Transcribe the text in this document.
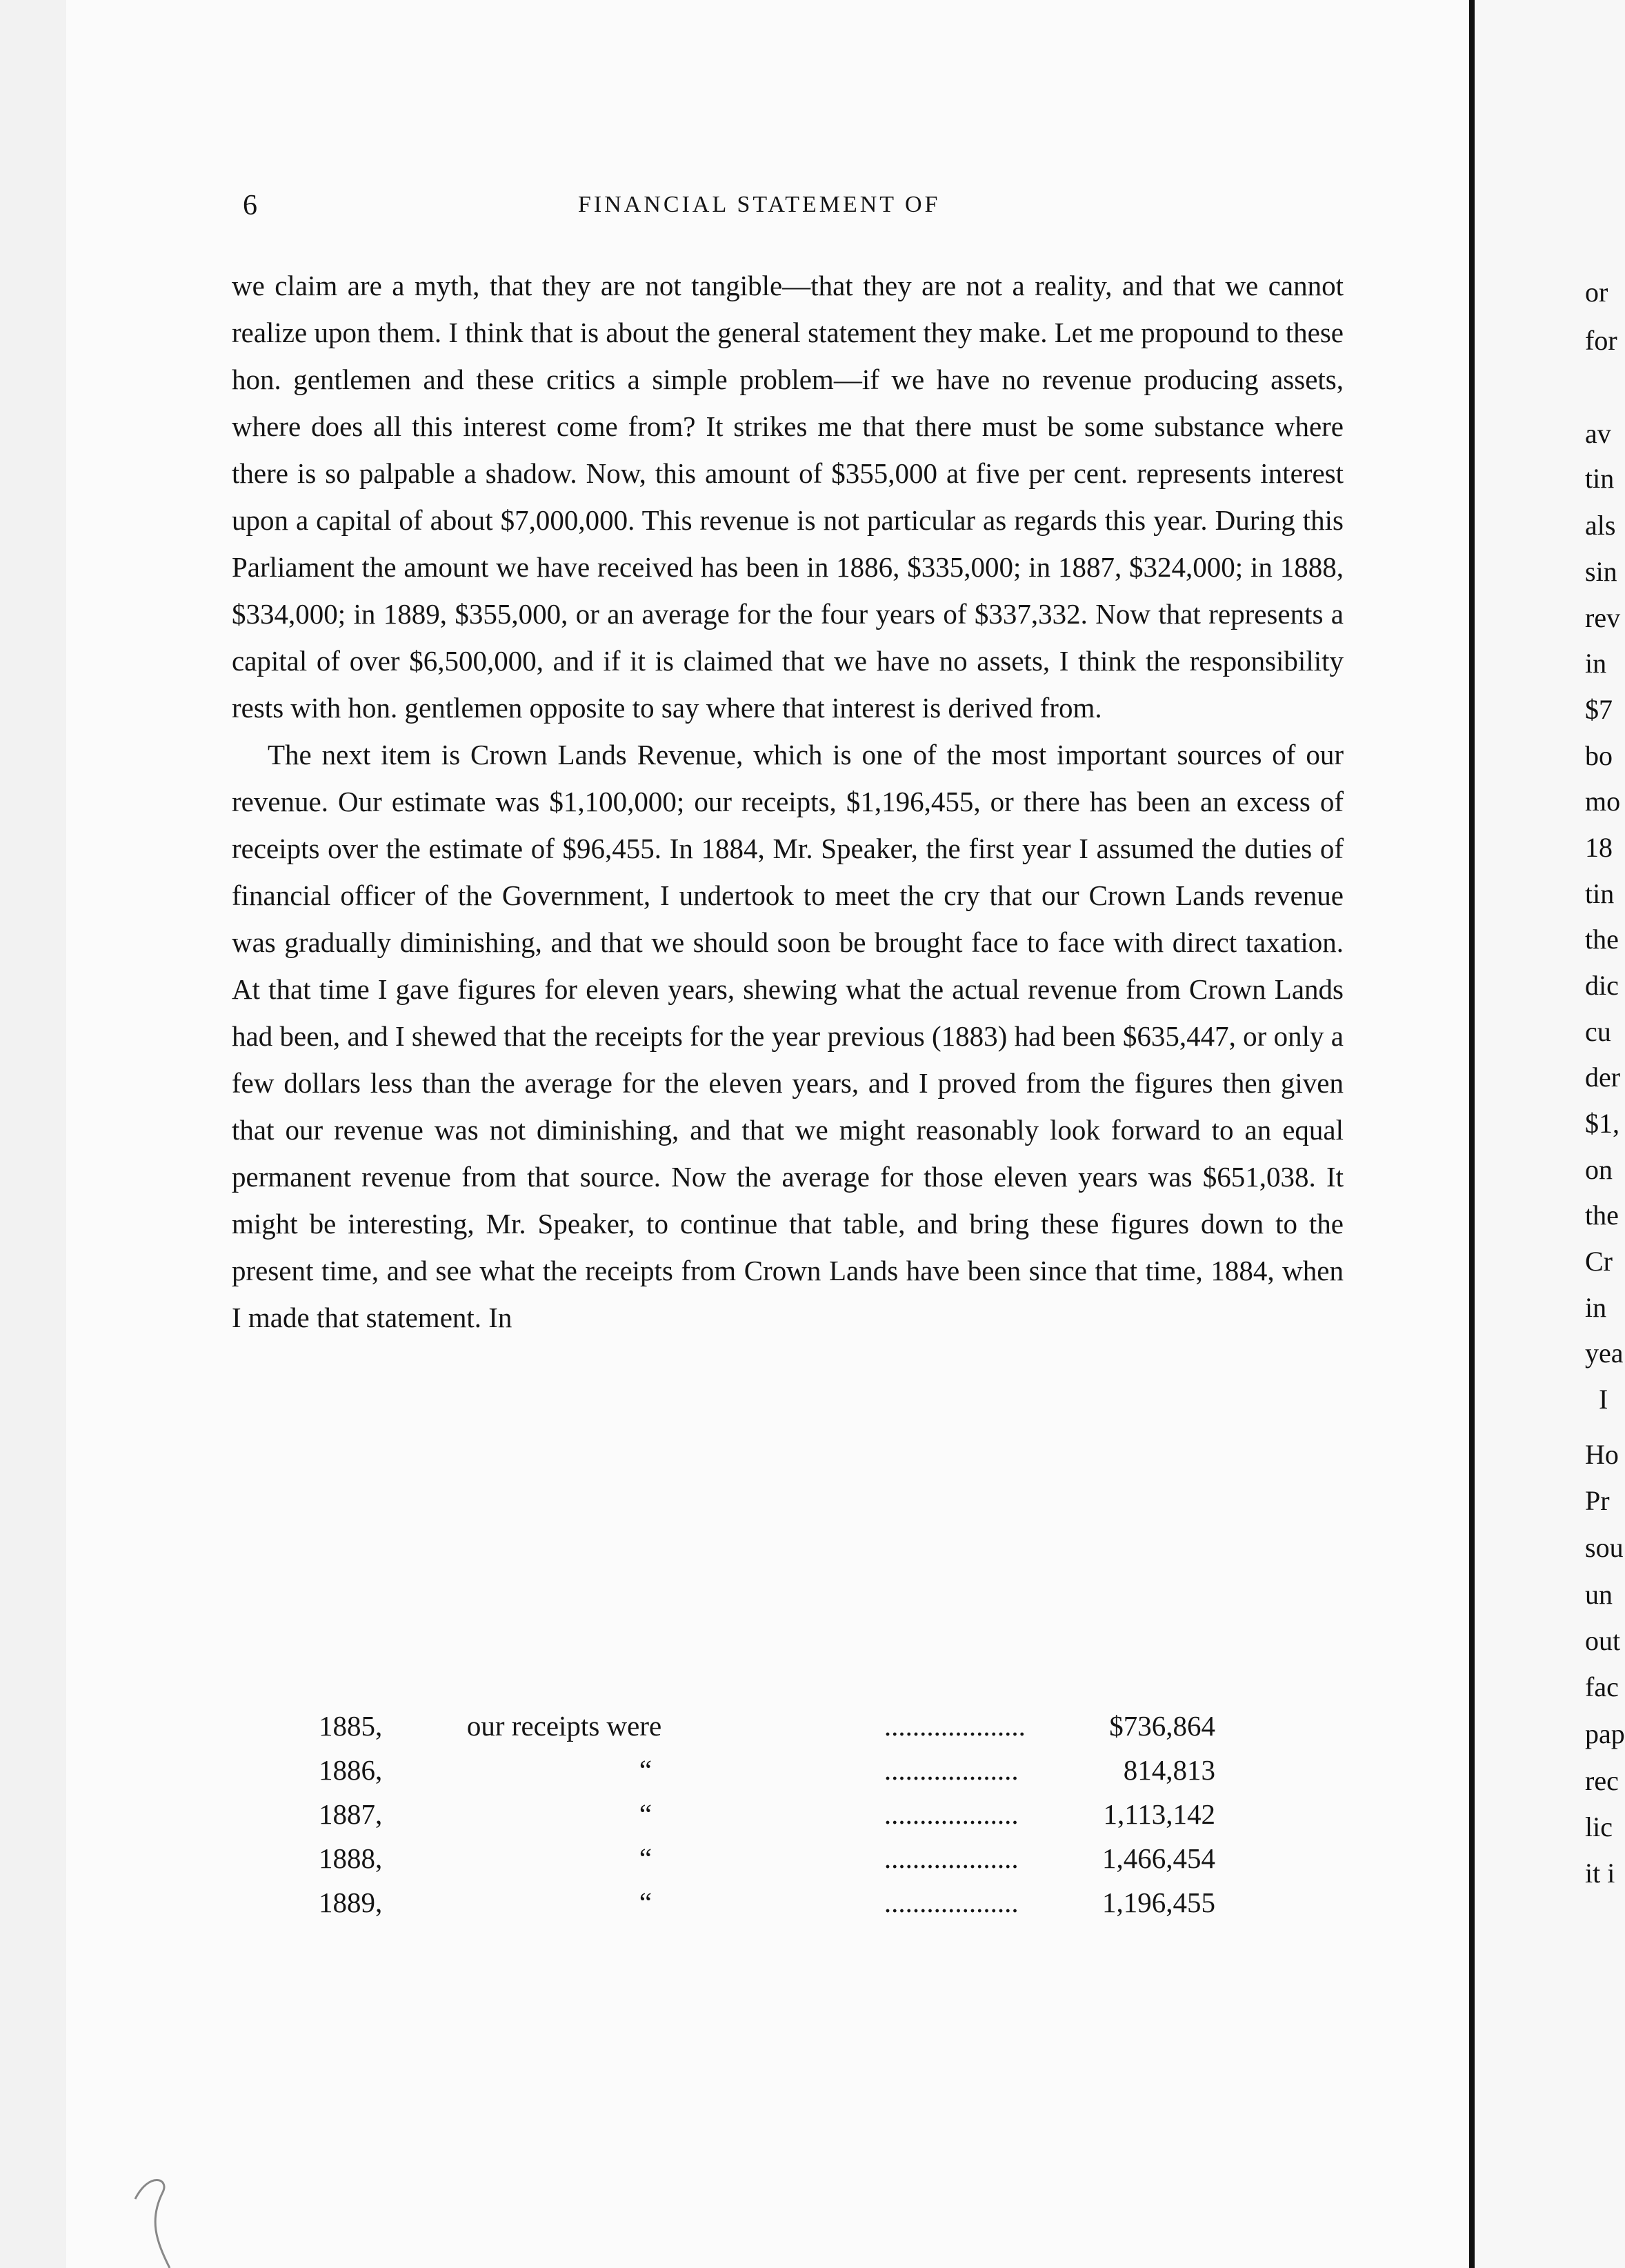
6	FINANCIAL STATEMENT OF

we claim are a myth, that they are not tangible—that they are not a reality, and that we cannot realize upon them. I think that is about the general statement they make. Let me propound to these hon. gentlemen and these critics a simple problem—if we have no revenue producing assets, where does all this interest come from? It strikes me that there must be some substance where there is so palpable a shadow. Now, this amount of $355,000 at five per cent. represents interest upon a capital of about $7,000,000. This revenue is not particular as regards this year. During this Parliament the amount we have received has been in 1886, $335,000; in 1887, $324,000; in 1888, $334,000; in 1889, $355,000, or an average for the four years of $337,332. Now that represents a capital of over $6,500,000, and if it is claimed that we have no assets, I think the responsibility rests with hon. gentlemen opposite to say where that interest is derived from.

The next item is Crown Lands Revenue, which is one of the most important sources of our revenue. Our estimate was $1,100,000; our receipts, $1,196,455, or there has been an excess of receipts over the estimate of $96,455. In 1884, Mr. Speaker, the first year I assumed the duties of financial officer of the Government, I undertook to meet the cry that our Crown Lands revenue was gradually diminishing, and that we should soon be brought face to face with direct taxation. At that time I gave figures for eleven years, shewing what the actual revenue from Crown Lands had been, and I shewed that the receipts for the year previous (1883) had been $635,447, or only a few dollars less than the average for the eleven years, and I proved from the figures then given that our revenue was not diminishing, and that we might reasonably look forward to an equal permanent revenue from that source. Now the average for those eleven years was $651,038. It might be interesting, Mr. Speaker, to continue that table, and bring these figures down to the present time, and see what the receipts from Crown Lands have been since that time, 1884, when I made that statement. In

1885,	our receipts were	....................	$736,864
1886,	“	...................	814,813
1887,	“	...................	1,113,142
1888,	“	...................	1,466,454
1889,	“	...................	1,196,455
or
for
av
tin
als
sin
rev
in
$7
bo
mo
18
tin
the
dic
cu
der
$1,
on
the
Cr
in
yea
I
Ho
Pr
sou
un
out
fac
pap
rec
lic
it i
